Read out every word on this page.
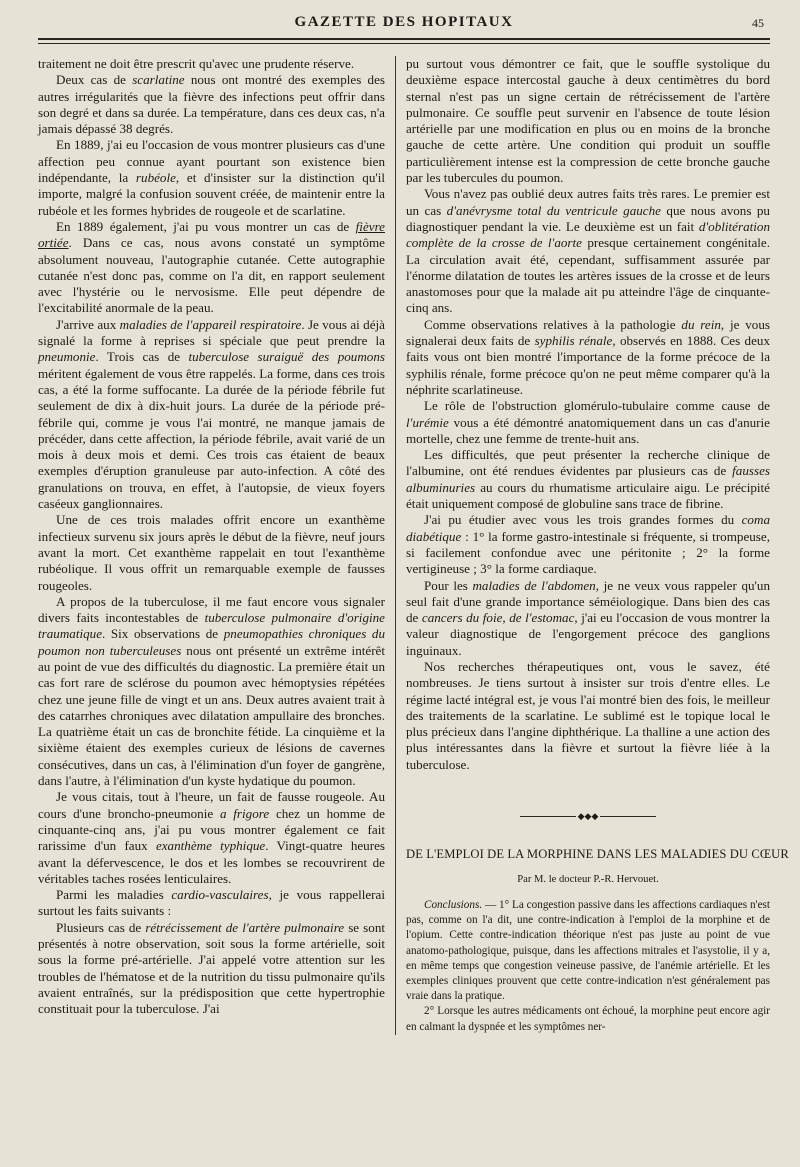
GAZETTE DES HOPITAUX	45

traitement ne doit être prescrit qu'avec une prudente réserve.

Deux cas de scarlatine nous ont montré des exemples des autres irrégularités que la fièvre des infections peut offrir dans son degré et dans sa durée. La température, dans ces deux cas, n'a jamais dépassé 38 degrés.

En 1889, j'ai eu l'occasion de vous montrer plusieurs cas d'une affection peu connue ayant pourtant son existence bien indépendante, la rubéole, et d'insister sur la distinction qu'il importe, malgré la confusion souvent créée, de maintenir entre la rubéole et les formes hybrides de rougeole et de scarlatine.

En 1889 également, j'ai pu vous montrer un cas de fièvre ortiée. Dans ce cas, nous avons constaté un symptôme absolument nouveau, l'autographie cutanée. Cette autographie cutanée n'est donc pas, comme on l'a dit, en rapport seulement avec l'hystérie ou le nervosisme. Elle peut dépendre de l'excitabilité anormale de la peau.

J'arrive aux maladies de l'appareil respiratoire. Je vous ai déjà signalé la forme à reprises si spéciale que peut prendre la pneumonie. Trois cas de tuberculose suraiguë des poumons méritent également de vous être rappelés. La forme, dans ces trois cas, a été la forme suffocante. La durée de la période fébrile fut seulement de dix à dix-huit jours. La durée de la période pré-fébrile qui, comme je vous l'ai montré, ne manque jamais de précéder, dans cette affection, la période fébrile, avait varié de un mois à deux mois et demi. Ces trois cas étaient de beaux exemples d'éruption granuleuse par auto-infection. A côté des granulations on trouva, en effet, à l'autopsie, de vieux foyers caséeux ganglionnaires.

Une de ces trois malades offrit encore un exanthème infectieux survenu six jours après le début de la fièvre, neuf jours avant la mort. Cet exanthème rappelait en tout l'exanthème rubéolique. Il vous offrit un remarquable exemple de fausses rougeoles.

A propos de la tuberculose, il me faut encore vous signaler divers faits incontestables de tuberculose pulmonaire d'origine traumatique. Six observations de pneumopathies chroniques du poumon non tuberculeuses nous ont présenté un extrême intérêt au point de vue des difficultés du diagnostic. La première était un cas fort rare de sclérose du poumon avec hémoptysies répétées chez une jeune fille de vingt et un ans. Deux autres avaient trait à des catarrhes chroniques avec dilatation ampullaire des bronches. La quatrième était un cas de bronchite fétide. La cinquième et la sixième étaient des exemples curieux de lésions de cavernes consécutives, dans un cas, à l'élimination d'un foyer de gangrène, dans l'autre, à l'élimination d'un kyste hydatique du poumon.

Je vous citais, tout à l'heure, un fait de fausse rougeole. Au cours d'une broncho-pneumonie a frigore chez un homme de cinquante-cinq ans, j'ai pu vous montrer également ce fait rarissime d'un faux exanthème typhique. Vingt-quatre heures avant la défervescence, le dos et les lombes se recouvrirent de véritables taches rosées lenticulaires.

Parmi les maladies cardio-vasculaires, je vous rappellerai surtout les faits suivants :

Plusieurs cas de rétrécissement de l'artère pulmonaire se sont présentés à notre observation, soit sous la forme artérielle, soit sous la forme pré-artérielle. J'ai appelé votre attention sur les troubles de l'hématose et de la nutrition du tissu pulmonaire qu'ils avaient entraînés, sur la prédisposition que cette hypertrophie constituait pour la tuberculose. J'ai

pu surtout vous démontrer ce fait, que le souffle systolique du deuxième espace intercostal gauche à deux centimètres du bord sternal n'est pas un signe certain de rétrécissement de l'artère pulmonaire. Ce souffle peut survenir en l'absence de toute lésion artérielle par une modification en plus ou en moins de la bronche gauche de cette artère. Une condition qui produit un souffle particulièrement intense est la compression de cette bronche gauche par les tubercules du poumon.

Vous n'avez pas oublié deux autres faits très rares. Le premier est un cas d'anévrysme total du ventricule gauche que nous avons pu diagnostiquer pendant la vie. Le deuxième est un fait d'oblitération complète de la crosse de l'aorte presque certainement congénitale. La circulation avait été, cependant, suffisamment assurée par l'énorme dilatation de toutes les artères issues de la crosse et de leurs anastomoses pour que la malade ait pu atteindre l'âge de cinquante-cinq ans.

Comme observations relatives à la pathologie du rein, je vous signalerai deux faits de syphilis rénale, observés en 1888. Ces deux faits vous ont bien montré l'importance de la forme précoce de la syphilis rénale, forme précoce qu'on ne peut même comparer qu'à la néphrite scarlatineuse.

Le rôle de l'obstruction glomérulo-tubulaire comme cause de l'urémie vous a été démontré anatomiquement dans un cas d'anurie mortelle, chez une femme de trente-huit ans.

Les difficultés, que peut présenter la recherche clinique de l'albumine, ont été rendues évidentes par plusieurs cas de fausses albuminuries au cours du rhumatisme articulaire aigu. Le précipité était uniquement composé de globuline sans trace de fibrine.

J'ai pu étudier avec vous les trois grandes formes du coma diabétique : 1° la forme gastro-intestinale si fréquente, si trompeuse, si facilement confondue avec une péritonite ; 2° la forme vertigineuse ; 3° la forme cardiaque.

Pour les maladies de l'abdomen, je ne veux vous rappeler qu'un seul fait d'une grande importance séméiologique. Dans bien des cas de cancers du foie, de l'estomac, j'ai eu l'occasion de vous montrer la valeur diagnostique de l'engorgement précoce des ganglions inguinaux.

Nos recherches thérapeutiques ont, vous le savez, été nombreuses. Je tiens surtout à insister sur trois d'entre elles. Le régime lacté intégral est, je vous l'ai montré bien des fois, le meilleur des traitements de la scarlatine. Le sublimé est le topique local le plus précieux dans l'angine diphthérique. La thalline a une action des plus intéressantes dans la fièvre et surtout la fièvre liée à la tuberculose.

◆◆◆
DE L'EMPLOI DE LA MORPHINE DANS LES MALADIES DU CŒUR
Par M. le docteur P.-R. Hervouet.

Conclusions. — 1° La congestion passive dans les affections cardiaques n'est pas, comme on l'a dit, une contre-indication à l'emploi de la morphine et de l'opium. Cette contre-indication théorique n'est pas juste au point de vue anatomo-pathologique, puisque, dans les affections mitrales et l'asystolie, il y a, en même temps que congestion veineuse passive, de l'anémie artérielle. Et les exemples cliniques prouvent que cette contre-indication n'est généralement pas vraie dans la pratique.

2° Lorsque les autres médicaments ont échoué, la morphine peut encore agir en calmant la dyspnée et les symptômes ner-
